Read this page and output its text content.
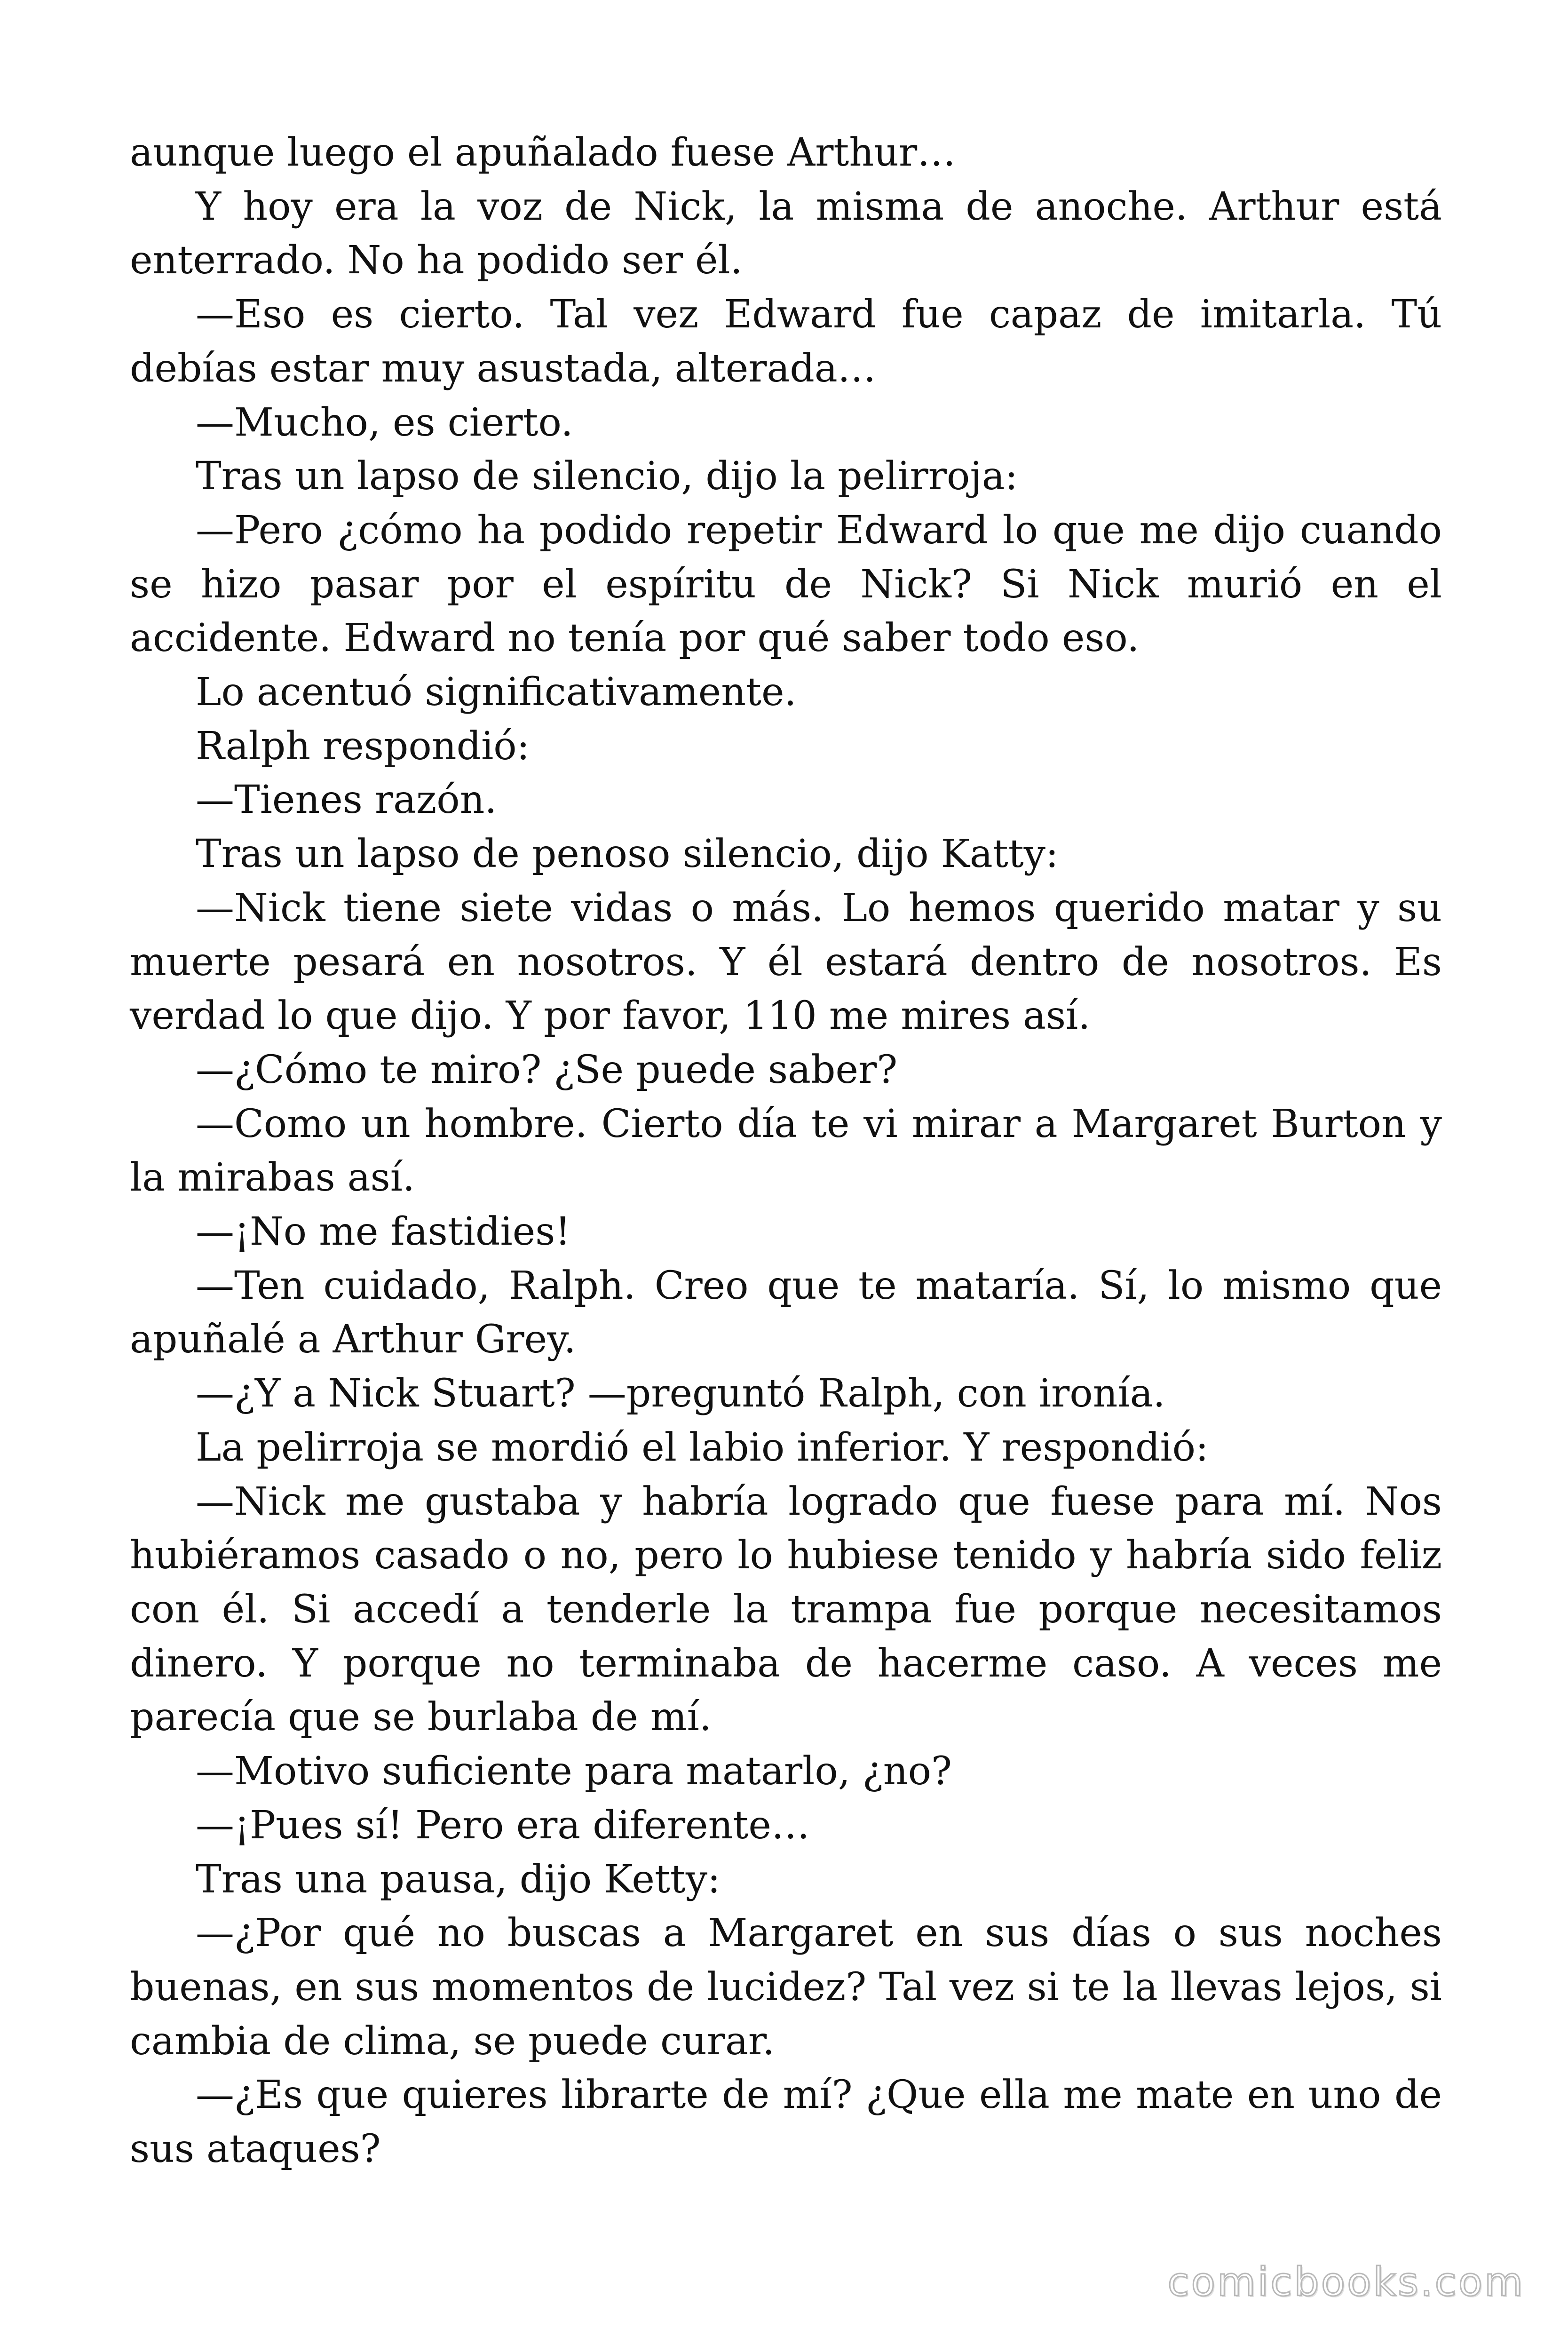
aunque luego el apuñalado fuese Arthur…

Y hoy era la voz de Nick, la misma de anoche. Arthur está enterrado. No ha podido ser él.

—Eso es cierto. Tal vez Edward fue capaz de imitarla. Tú debías estar muy asustada, alterada…

—Mucho, es cierto.

Tras un lapso de silencio, dijo la pelirroja:

—Pero ¿cómo ha podido repetir Edward lo que me dijo cuando se hizo pasar por el espíritu de Nick? Si Nick murió en el accidente. Edward no tenía por qué saber todo eso.

Lo acentuó significativamente.

Ralph respondió:

—Tienes razón.

Tras un lapso de penoso silencio, dijo Katty:

—Nick tiene siete vidas o más. Lo hemos querido matar y su muerte pesará en nosotros. Y él estará dentro de nosotros. Es verdad lo que dijo. Y por favor, 110 me mires así.

—¿Cómo te miro? ¿Se puede saber?

—Como un hombre. Cierto día te vi mirar a Margaret Burton y la mirabas así.

—¡No me fastidies!

—Ten cuidado, Ralph. Creo que te mataría. Sí, lo mismo que apuñalé a Arthur Grey.

—¿Y a Nick Stuart? —preguntó Ralph, con ironía.

La pelirroja se mordió el labio inferior. Y respondió:

—Nick me gustaba y habría logrado que fuese para mí. Nos hubiéramos casado o no, pero lo hubiese tenido y habría sido feliz con él. Si accedí a tenderle la trampa fue porque necesitamos dinero. Y porque no terminaba de hacerme caso. A veces me parecía que se burlaba de mí.

—Motivo suficiente para matarlo, ¿no?

—¡Pues sí! Pero era diferente…

Tras una pausa, dijo Ketty:

—¿Por qué no buscas a Margaret en sus días o sus noches buenas, en sus momentos de lucidez? Tal vez si te la llevas lejos, si cambia de clima, se puede curar.

—¿Es que quieres librarte de mí? ¿Que ella me mate en uno de sus ataques?

comicbooks.com
